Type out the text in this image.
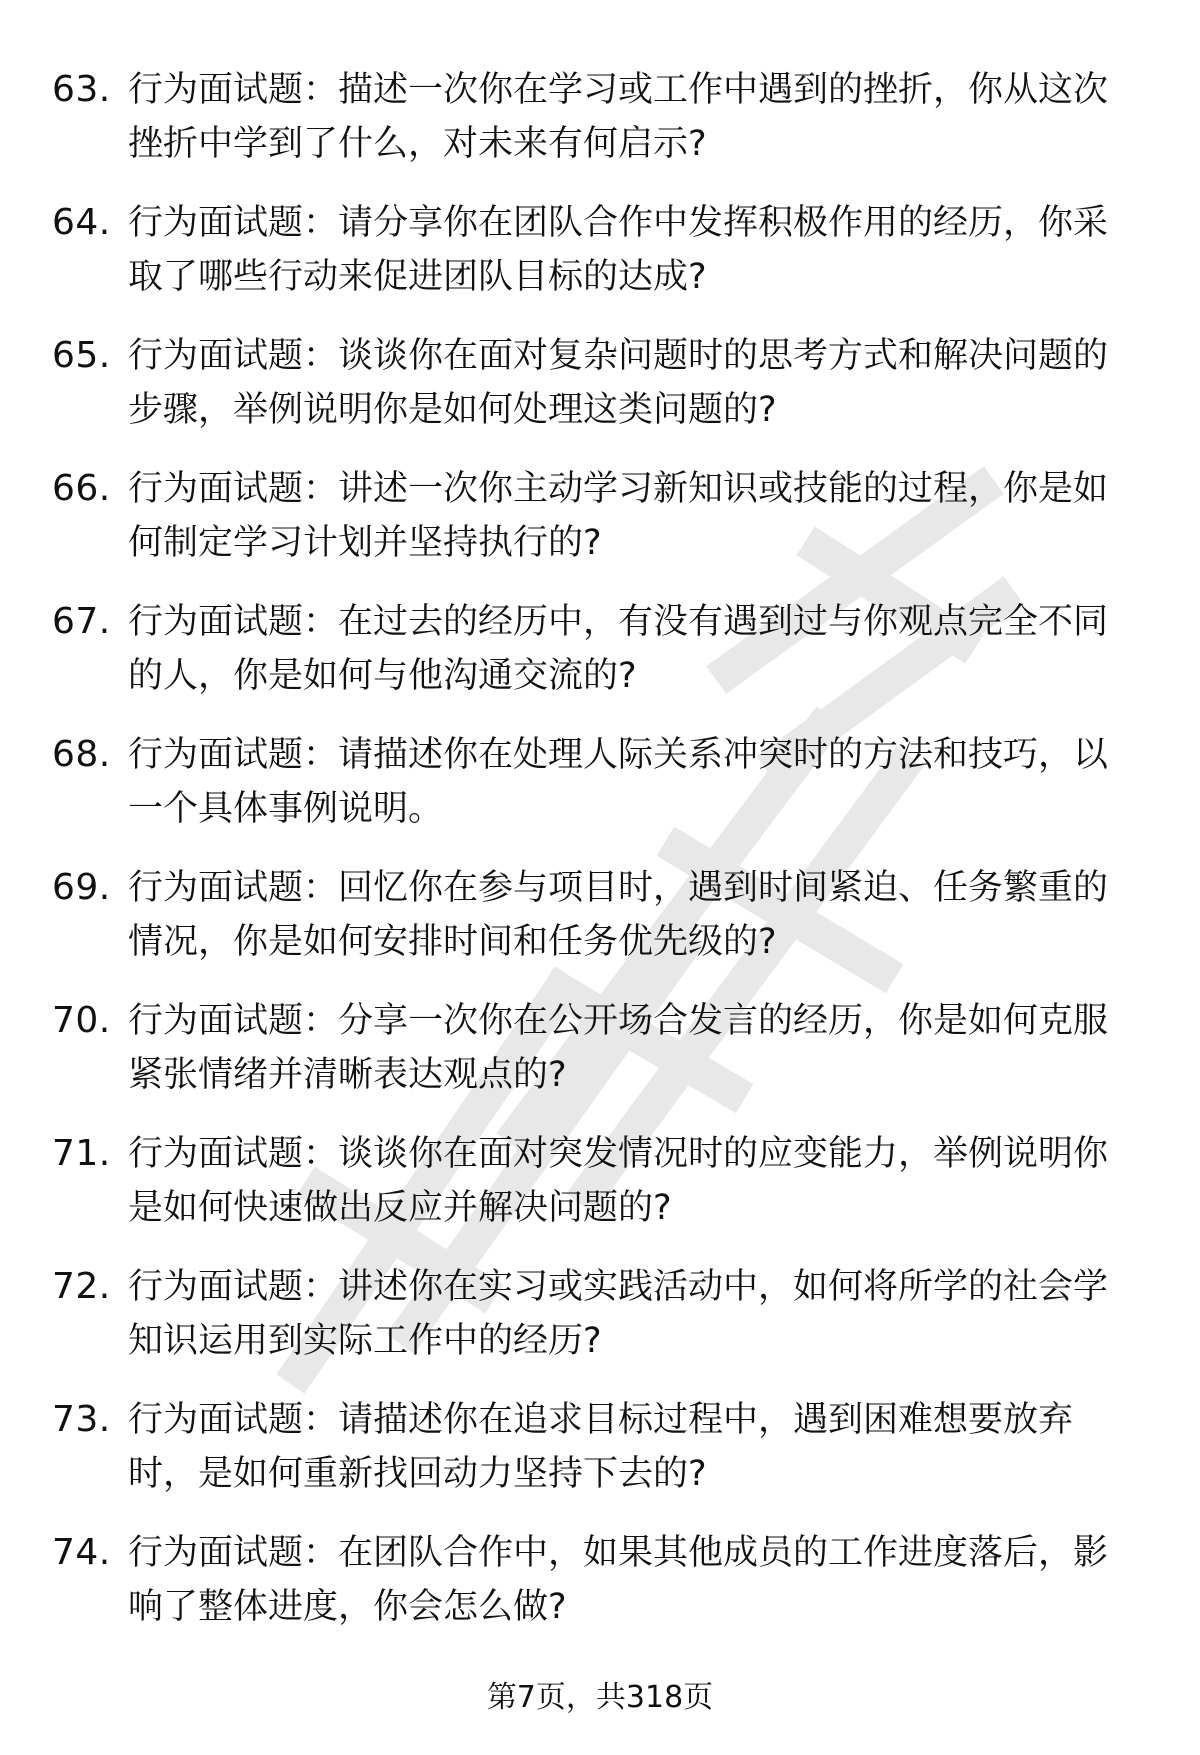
63. 行为面试题：描述一次你在学习或工作中遇到的挫折，你从这次
挫折中学到了什么，对未来有何启示?
64. 行为面试题：请分享你在团队合作中发挥积极作用的经历，你采
取了哪些行动来促进团队目标的达成?
65. 行为面试题：谈谈你在面对复杂问题时的思考方式和解决问题的
步骤，举例说明你是如何处理这类问题的?
66. 行为面试题：讲述一次你主动学习新知识或技能的过程，你是如
何制定学习计划并坚持执行的?
67. 行为面试题：在过去的经历中，有没有遇到过与你观点完全不同
的人，你是如何与他沟通交流的?
68. 行为面试题：请描述你在处理人际关系冲突时的方法和技巧，以
一个具体事例说明。
69. 行为面试题：回忆你在参与项目时，遇到时间紧迫、任务繁重的
情况，你是如何安排时间和任务优先级的?
70. 行为面试题：分享一次你在公开场合发言的经历，你是如何克服
紧张情绪并清晰表达观点的?
71. 行为面试题：谈谈你在面对突发情况时的应变能力，举例说明你
是如何快速做出反应并解决问题的?
72. 行为面试题：讲述你在实习或实践活动中，如何将所学的社会学
知识运用到实际工作中的经历?
73. 行为面试题：请描述你在追求目标过程中，遇到困难想要放弃
时，是如何重新找回动力坚持下去的?
74. 行为面试题：在团队合作中，如果其他成员的工作进度落后，影
响了整体进度，你会怎么做?
第7页，共318页
